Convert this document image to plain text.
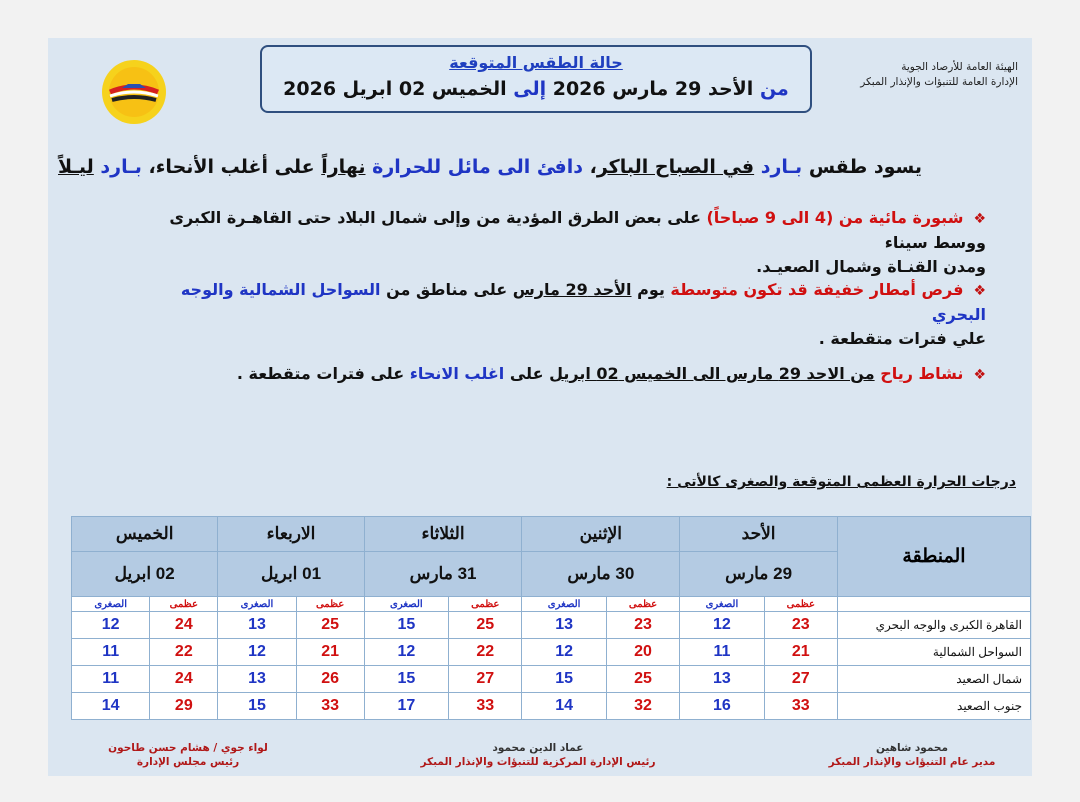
الهيئة العامة للأرصاد الجوية
الإدارة العامة للتنبؤات والإنذار المبكر
حالة الطقس المتوقعة
من الأحد 29 مارس 2026 إلى الخميس 02 ابريل 2026
يسود طقس بـارد في الصباح الباكر، دافئ الى مائل للحرارة نهاراً على أغلب الأنحاء، بـارد ليـلاً
❖شبورة مائية من (4 الى 9 صباحاً) على بعض الطرق المؤدية من وإلى شمال البلاد حتى القاهـرة الكبرى ووسط سيناء
ومدن القنـاة وشمال الصعيـد.
❖فرص أمطار خفيفة قد تكون متوسطة يوم الأحد 29 مارس على مناطق من السواحل الشمالية والوجه البحري
علي فترات متقطعة .
❖نشاط رياح من الاحد 29 مارس الى الخميس 02 ابريل على اغلب الانحاء على فترات متقطعة .
درجات الحرارة العظمى المتوقعة والصغرى كالأتى :
المنطقة	الأحد		الإثنين		الثلاثاء		الاربعاء		الخميس	
	29 مارس		30 مارس		31 مارس		01 ابريل		02 ابريل	
	عظمى	الصغرى	عظمى	الصغرى	عظمى	الصغرى	عظمى	الصغرى	عظمى	الصغرى
القاهرة الكبرى والوجه البحري	23	12	23	13	25	15	25	13	24	12
السواحل الشمالية	21	11	20	12	22	12	21	12	22	11
شمال الصعيد	27	13	25	15	27	15	26	13	24	11
جنوب الصعيد	33	16	32	14	33	17	33	15	29	14
محمود شاهين
مدير عام التنبؤات والإنذار المبكر
عماد الدين محمود
رئيس الإدارة المركزية للتنبؤات والإنذار المبكر
لواء جوي / هشام حسن طاحون
رئيس مجلس الإدارة
